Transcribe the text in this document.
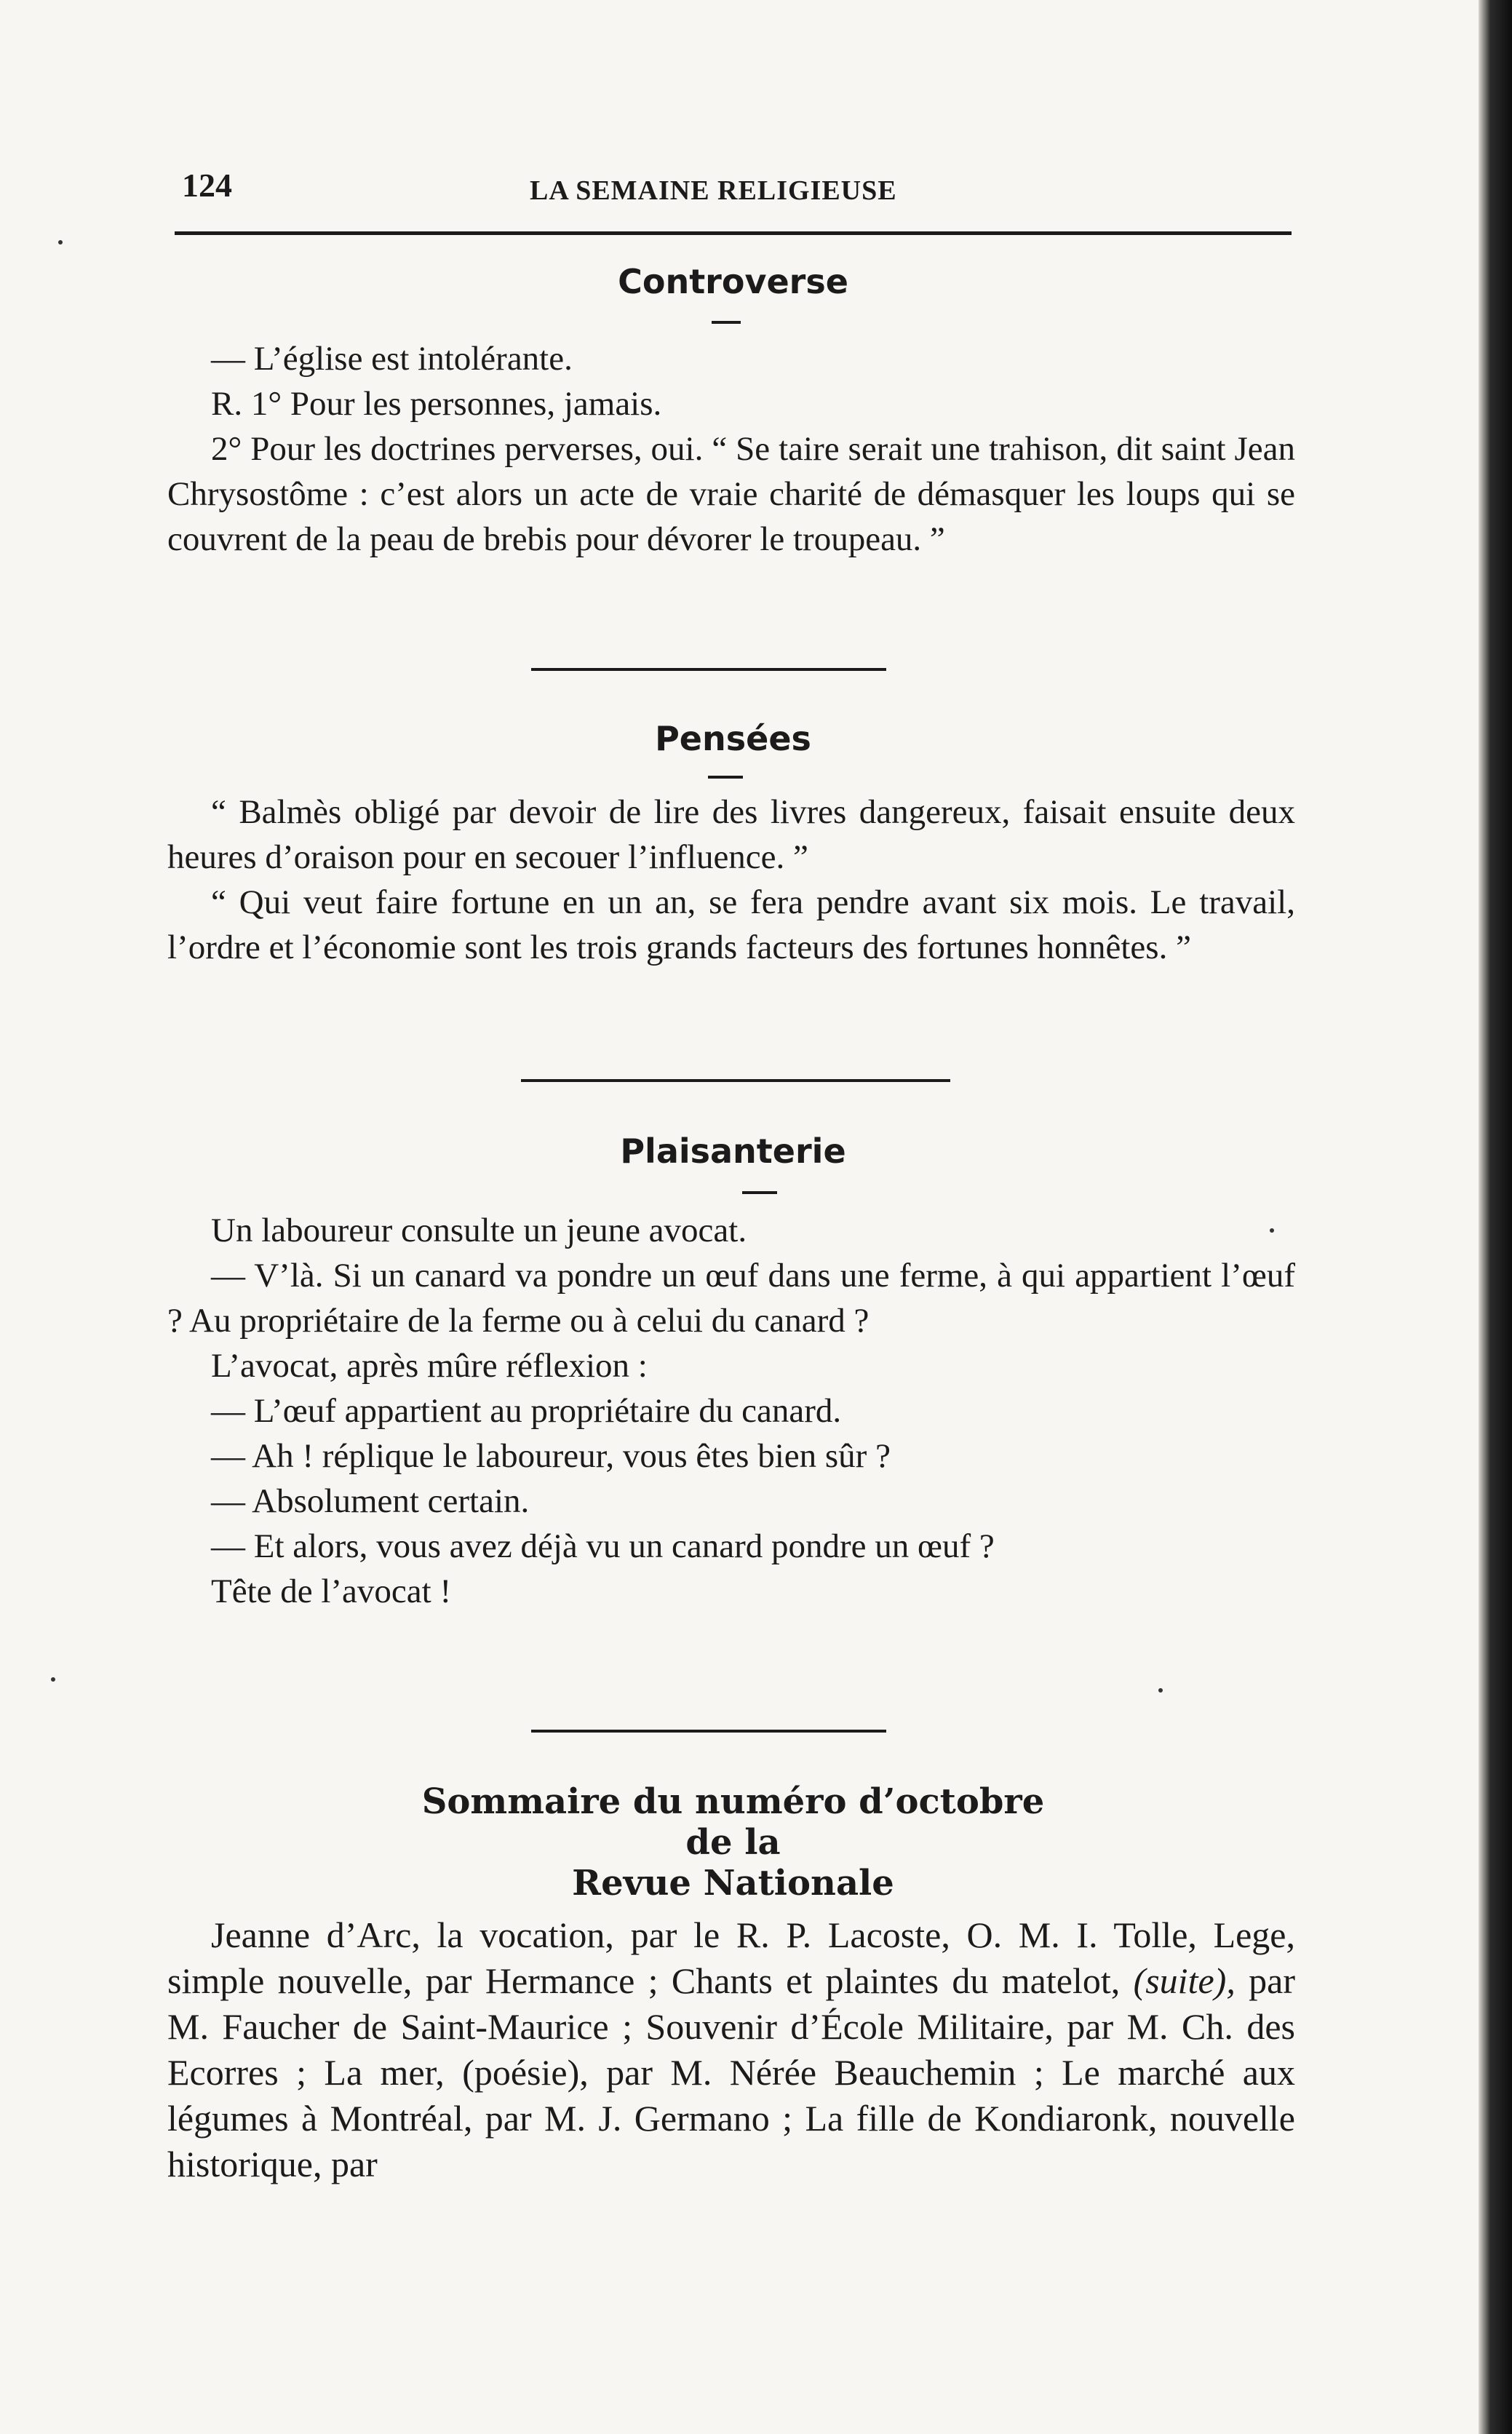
124	LA SEMAINE RELIGIEUSE
Controverse

— L’église est intolérante.

R. 1° Pour les personnes, jamais.

2° Pour les doctrines perverses, oui. “ Se taire serait une trahison, dit saint Jean Chrysostôme : c’est alors un acte de vraie charité de démasquer les loups qui se couvrent de la peau de brebis pour dévorer le troupeau. ”

Pensées

“ Balmès obligé par devoir de lire des livres dangereux, faisait ensuite deux heures d’oraison pour en secouer l’influence. ”

“ Qui veut faire fortune en un an, se fera pendre avant six mois. Le travail, l’ordre et l’économie sont les trois grands facteurs des fortunes honnêtes. ”

Plaisanterie

Un laboureur consulte un jeune avocat.

— V’là. Si un canard va pondre un œuf dans une ferme, à qui appartient l’œuf ? Au propriétaire de la ferme ou à celui du canard ?

L’avocat, après mûre réflexion :

— L’œuf appartient au propriétaire du canard.

— Ah ! réplique le laboureur, vous êtes bien sûr ?

— Absolument certain.

— Et alors, vous avez déjà vu un canard pondre un œuf ?

Tête de l’avocat !

Sommaire du numéro d’octobre
de la
Revue Nationale

Jeanne d’Arc, la vocation, par le R. P. Lacoste, O. M. I. Tolle, Lege, simple nouvelle, par Hermance ; Chants et plaintes du matelot, (suite), par M. Faucher de Saint-Maurice ; Souvenir d’École Militaire, par M. Ch. des Ecorres ; La mer, (poésie), par M. Nérée Beauchemin ; Le marché aux légumes à Montréal, par M. J. Germano ; La fille de Kondiaronk, nouvelle historique, par
